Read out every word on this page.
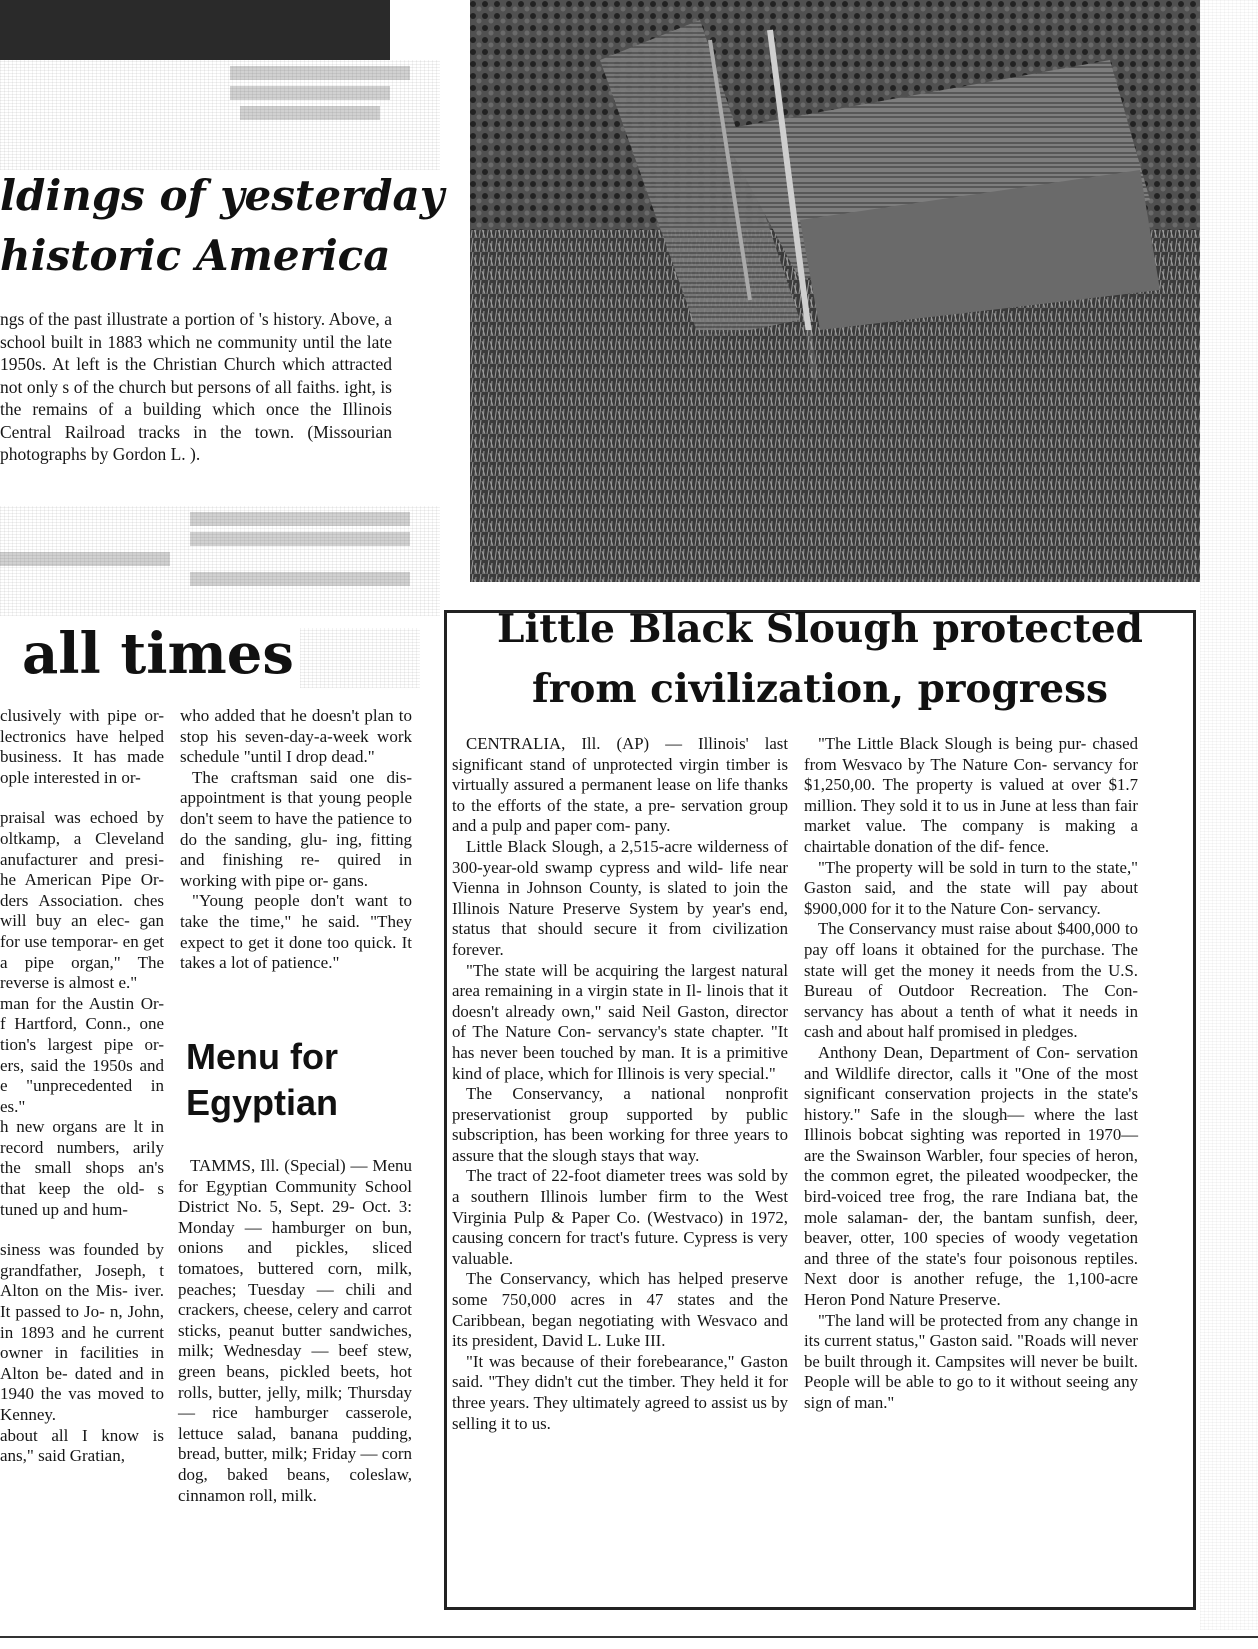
ldings of yesterday
historic America
ngs of the past illustrate a portion of 's history. Above, a school built in 1883 which ne community until the late 1950s. At left is the Christian Church which attracted not only s of the church but persons of all faiths. ight, is the remains of a building which once the Illinois Central Railroad tracks in the town. (Missourian photographs by Gordon L. ).
all times

clusively with pipe or- lectronics have helped business. It has made ople interested in or-

praisal was echoed by oltkamp, a Cleveland anufacturer and presi- he American Pipe Or- ders Association. ches will buy an elec- gan for use temporar- en get a pipe organ," The reverse is almost e."

man for the Austin Or- f Hartford, Conn., one tion's largest pipe or- ers, said the 1950s and e "unprecedented in es."

h new organs are lt in record numbers, arily the small shops an's that keep the old- s tuned up and hum-

siness was founded by grandfather, Joseph, t Alton on the Mis- iver. It passed to Jo- n, John, in 1893 and he current owner in facilities in Alton be- dated and in 1940 the vas moved to Kenney.

about all I know is ans," said Gratian,

who added that he doesn't plan to stop his seven-day-a-week work schedule "until I drop dead."

The craftsman said one dis- appointment is that young people don't seem to have the patience to do the sanding, glu- ing, fitting and finishing re- quired in working with pipe or- gans.

"Young people don't want to take the time," he said. "They expect to get it done too quick. It takes a lot of patience."

Menu for
Egyptian
TAMMS, Ill. (Special) — Menu for Egyptian Community School District No. 5, Sept. 29- Oct. 3: Monday — hamburger on bun, onions and pickles, sliced tomatoes, buttered corn, milk, peaches; Tuesday — chili and crackers, cheese, celery and carrot sticks, peanut butter sandwiches, milk; Wednesday — beef stew, green beans, pickled beets, hot rolls, butter, jelly, milk; Thursday — rice hamburger casserole, lettuce salad, banana pudding, bread, butter, milk; Friday — corn dog, baked beans, coleslaw, cinnamon roll, milk.
Little Black Slough protected
from civilization, progress

CENTRALIA, Ill. (AP) — Illinois' last significant stand of unprotected virgin timber is virtually assured a permanent lease on life thanks to the efforts of the state, a pre- servation group and a pulp and paper com- pany.

Little Black Slough, a 2,515-acre wilderness of 300-year-old swamp cypress and wild- life near Vienna in Johnson County, is slated to join the Illinois Nature Preserve System by year's end, status that should secure it from civilization forever.

"The state will be acquiring the largest natural area remaining in a virgin state in Il- linois that it doesn't already own," said Neil Gaston, director of The Nature Con- servancy's state chapter. "It has never been touched by man. It is a primitive kind of place, which for Illinois is very special."

The Conservancy, a national nonprofit preservationist group supported by public subscription, has been working for three years to assure that the slough stays that way.

The tract of 22-foot diameter trees was sold by a southern Illinois lumber firm to the West Virginia Pulp & Paper Co. (Westvaco) in 1972, causing concern for tract's future. Cypress is very valuable.

The Conservancy, which has helped preserve some 750,000 acres in 47 states and the Caribbean, began negotiating with Wesvaco and its president, David L. Luke III.

"It was because of their forebearance," Gaston said. "They didn't cut the timber. They held it for three years. They ultimately agreed to assist us by selling it to us.

"The Little Black Slough is being pur- chased from Wesvaco by The Nature Con- servancy for $1,250,00. The property is valued at over $1.7 million. They sold it to us in June at less than fair market value. The company is making a chairtable donation of the dif- fence.

"The property will be sold in turn to the state," Gaston said, and the state will pay about $900,000 for it to the Nature Con- servancy.

The Conservancy must raise about $400,000 to pay off loans it obtained for the purchase. The state will get the money it needs from the U.S. Bureau of Outdoor Recreation. The Con- servancy has about a tenth of what it needs in cash and about half promised in pledges.

Anthony Dean, Department of Con- servation and Wildlife director, calls it "One of the most significant conservation projects in the state's history." Safe in the slough— where the last Illinois bobcat sighting was reported in 1970—are the Swainson Warbler, four species of heron, the common egret, the pileated woodpecker, the bird-voiced tree frog, the rare Indiana bat, the mole salaman- der, the bantam sunfish, deer, beaver, otter, 100 species of woody vegetation and three of the state's four poisonous reptiles. Next door is another refuge, the 1,100-acre Heron Pond Nature Preserve.

"The land will be protected from any change in its current status," Gaston said. "Roads will never be built through it. Campsites will never be built. People will be able to go to it without seeing any sign of man."
